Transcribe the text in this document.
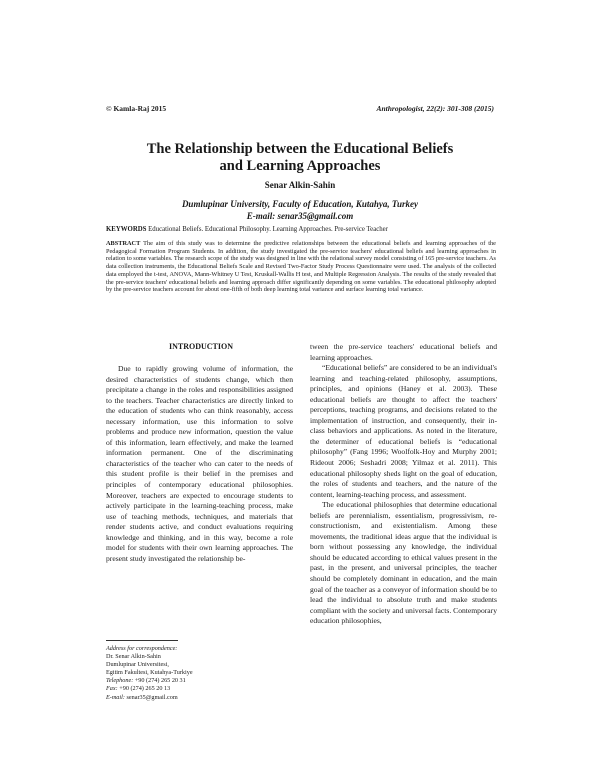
© Kamla-Raj 2015	Anthropologist, 22(2): 301-308 (2015)
The Relationship between the Educational Beliefs
and Learning Approaches
Senar Alkin-Sahin
Dumlupinar University, Faculty of Education, Kutahya, Turkey
E-mail: senar35@gmail.com
KEYWORDS Educational Beliefs. Educational Philosophy. Learning Approaches. Pre-service Teacher
ABSTRACT The aim of this study was to determine the predictive relationships between the educational beliefs and learning approaches of the Pedagogical Formation Program Students. In addition, the study investigated the pre-service teachers' educational beliefs and learning approaches in relation to some variables. The research scope of the study was designed in line with the relational survey model consisting of 165 pre-service teachers. As data collection instruments, the Educational Beliefs Scale and Revised Two-Factor Study Process Questionnaire were used. The analysis of the collected data employed the t-test, ANOVA, Mann-Whitney U Test, Kruskall-Wallis H test, and Multiple Regression Analysis. The results of the study revealed that the pre-service teachers' educational beliefs and learning approach differ significantly depending on some variables. The educational philosophy adopted by the pre-service teachers account for about one-fifth of both deep learning total variance and surface learning total variance.
INTRODUCTION

Due to rapidly growing volume of information, the desired characteristics of students change, which then precipitate a change in the roles and responsibilities assigned to the teachers. Teacher characteristics are directly linked to the education of students who can think reasonably, access necessary information, use this information to solve problems and produce new information, question the value of this information, learn effectively, and make the learned information permanent. One of the discriminating characteristics of the teacher who can cater to the needs of this student profile is their belief in the premises and principles of contemporary educational philosophies. Moreover, teachers are expected to encourage students to actively participate in the learning-teaching process, make use of teaching methods, techniques, and materials that render students active, and conduct evaluations requiring knowledge and thinking, and in this way, become a role model for students with their own learning approaches. The present study investigated the relationship be-

tween the pre-service teachers' educational beliefs and learning approaches.

“Educational beliefs” are considered to be an individual's learning and teaching-related philosophy, assumptions, principles, and opinions (Haney et al. 2003). These educational beliefs are thought to affect the teachers' perceptions, teaching programs, and decisions related to the implementation of instruction, and consequently, their in-class behaviors and applications. As noted in the literature, the determiner of educational beliefs is “educational philosophy” (Fang 1996; Woolfolk-Hoy and Murphy 2001; Rideout 2006; Seshadri 2008; Yilmaz et al. 2011). This educational philosophy sheds light on the goal of education, the roles of students and teachers, and the nature of the content, learning-teaching process, and assessment.

The educational philosophies that determine educational beliefs are perennialism, essentialism, progressivism, re-constructionism, and existentialism. Among these movements, the traditional ideas argue that the individual is born without possessing any knowledge, the individual should be educated according to ethical values present in the past, in the present, and universal principles, the teacher should be completely dominant in education, and the main goal of the teacher as a conveyor of information should be to lead the individual to absolute truth and make students compliant with the society and universal facts. Contemporary education philosophies,

Address for correspondence:
Dr. Senar Alkin-Sahin
Dumlupinar Universitesi,
Egitim Fakultesi, Kutahya-Turkiye
Telephone: +90 (274) 265 20 31
Fax: +90 (274) 265 20 13
E-mail: senar35@gmail.com
